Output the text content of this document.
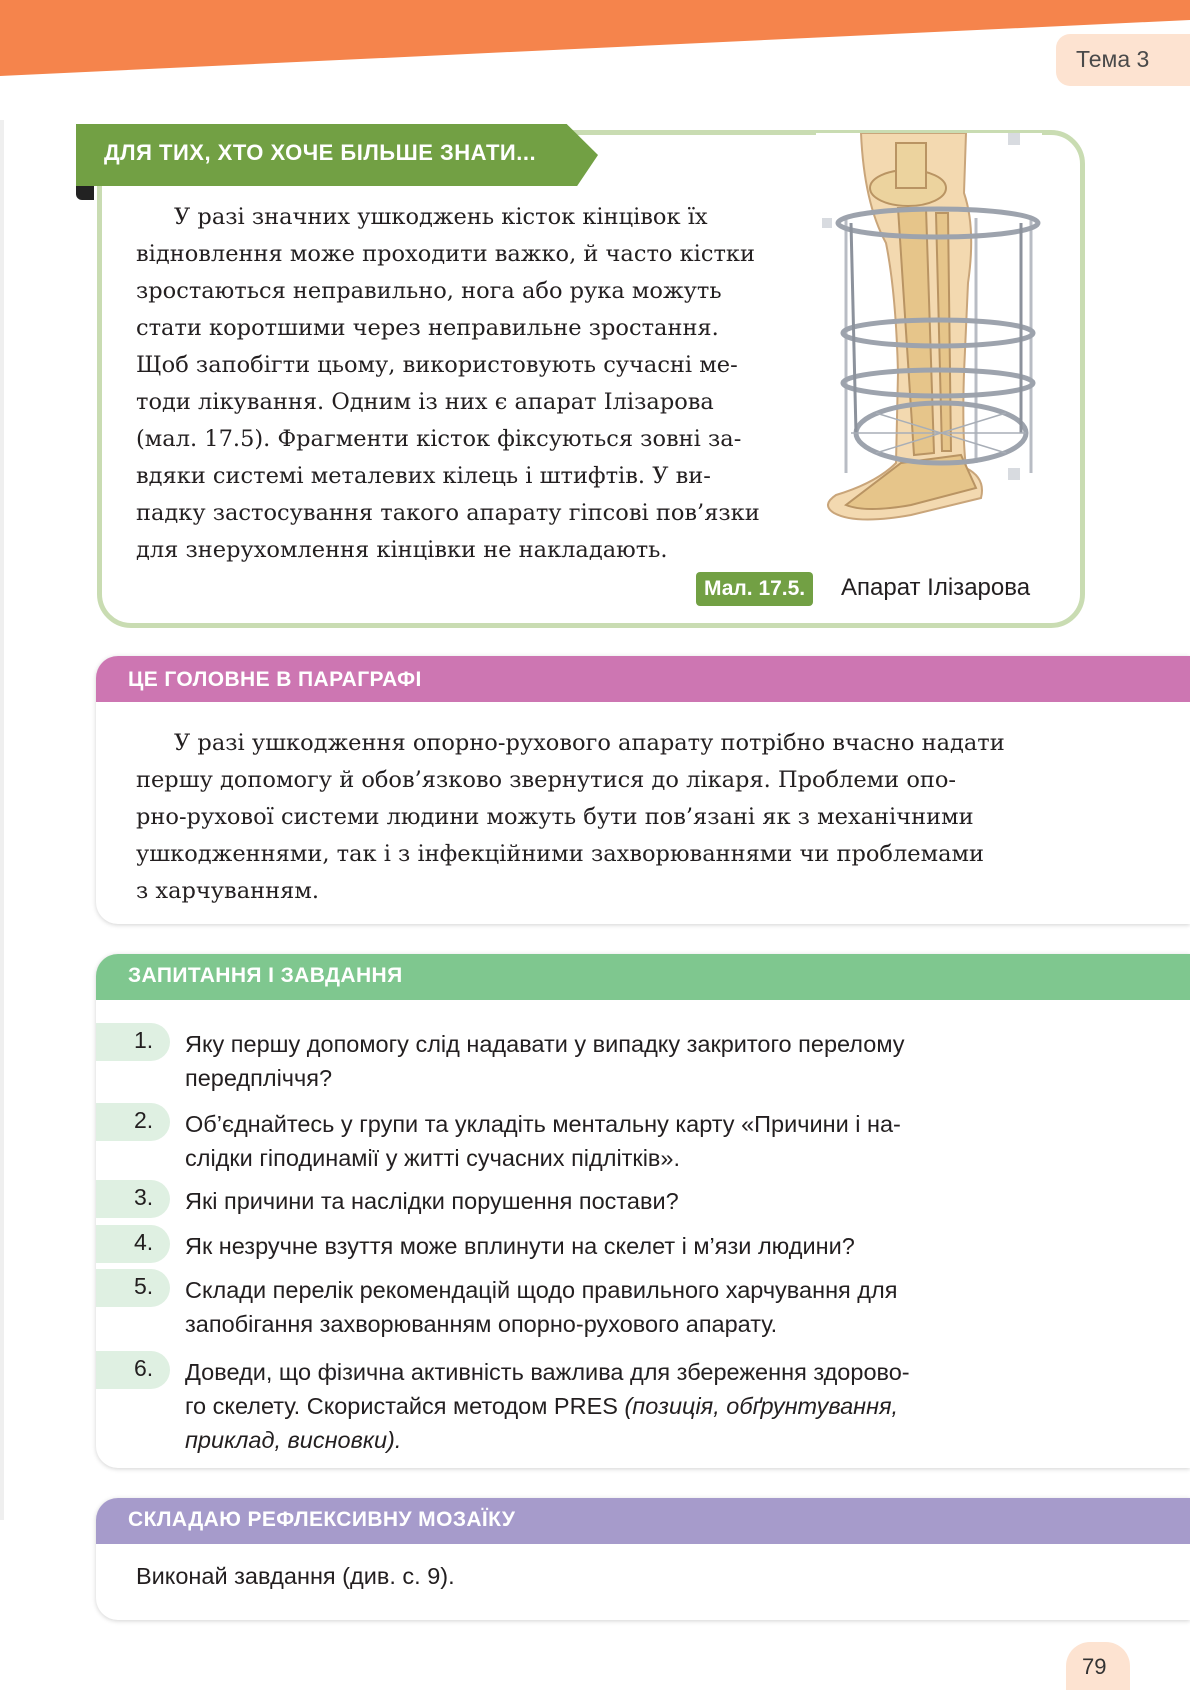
Тема 3
ДЛЯ ТИХ, ХТО ХОЧЕ БІЛЬШЕ ЗНАТИ...

У разі значних ушкоджень кісток кінцівок їх
відновлення може проходити важко, й часто кістки
зростаються неправильно, нога або рука можуть
стати коротшими через неправильне зростання.
Щоб запобігти цьому, використовують сучасні ме-
тоди лікування. Одним із них є апарат Ілізарова
(мал. 17.5). Фрагменти кісток фіксуються зовні за-
вдяки системі металевих кілець і штифтів. У ви-
падку застосування такого апарату гіпсові пов’язки
для знерухомлення кінцівки не накладають.

Мал. 17.5.	Апарат Ілізарова
ЦЕ ГОЛОВНЕ В ПАРАГРАФІ

У разі ушкодження опорно-рухового апарату потрібно вчасно надати
першу допомогу й обов’язково звернутися до лікаря. Проблеми опо-
рно-рухової системи людини можуть бути пов’язані як з механічними
ушкодженнями, так і з інфекційними захворюваннями чи проблемами
з харчуванням.

ЗАПИТАННЯ І ЗАВДАННЯ
1. Яку першу допомогу слід надавати у випадку закритого перелому
передпліччя?

2. Об’єднайтесь у групи та укладіть ментальну карту «Причини і на-
слідки гіподинамії у житті сучасних підлітків».

3. Які причини та наслідки порушення постави?

4. Як незручне взуття може вплинути на скелет і м’язи людини?

5. Склади перелік рекомендацій щодо правильного харчування для
запобігання захворюванням опорно-рухового апарату.

6. Доведи, що фізична активність важлива для збереження здорово-
го скелету. Скористайся методом PRES (позиція, обґрунтування,
приклад, висновки).

СКЛАДАЮ РЕФЛЕКСИВНУ МОЗАЇКУ
Виконай завдання (див. с. 9).
79
